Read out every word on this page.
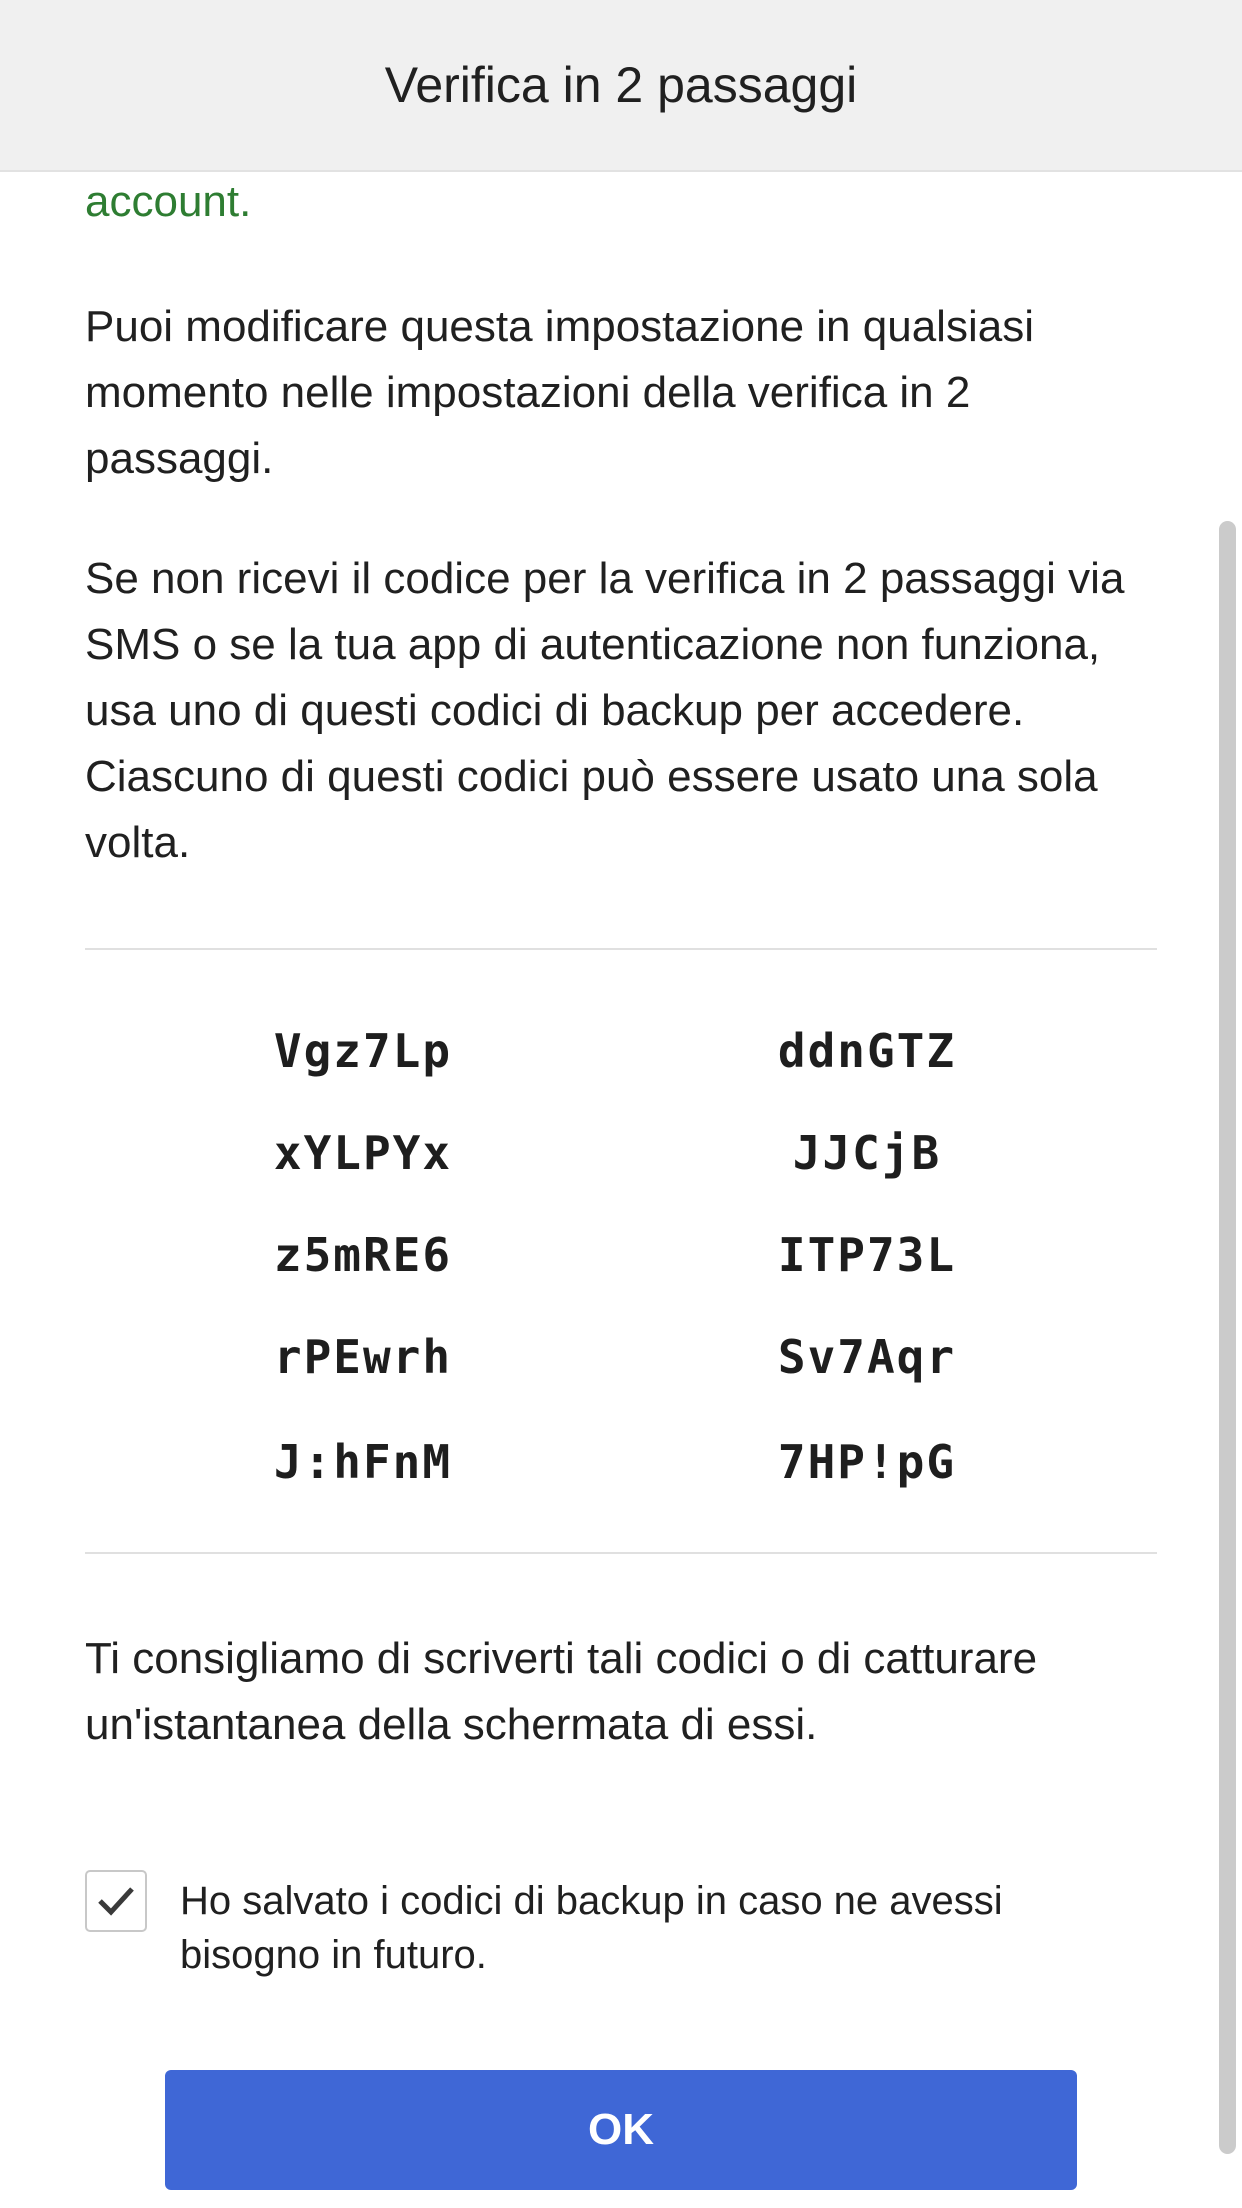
Verifica in 2 passaggi
account.

Puoi modificare questa impostazione in qualsiasi momento nelle impostazioni della verifica in 2 passaggi.

Se non ricevi il codice per la verifica in 2 passaggi via SMS o se la tua app di autenticazione non funziona, usa uno di questi codici di backup per accedere. Ciascuno di questi codici può essere usato una sola volta.

Vgz7Lp
xYLPYx
z5mRE6
rPEwrh
J:hFnM
ddnGTZ
JJCjB
ITP73L
Sv7Aqr
7HP!pG

Ti consigliamo di scriverti tali codici o di catturare un'istantanea della schermata di essi.

Ho salvato i codici di backup in caso ne avessi bisogno in futuro.
OK
